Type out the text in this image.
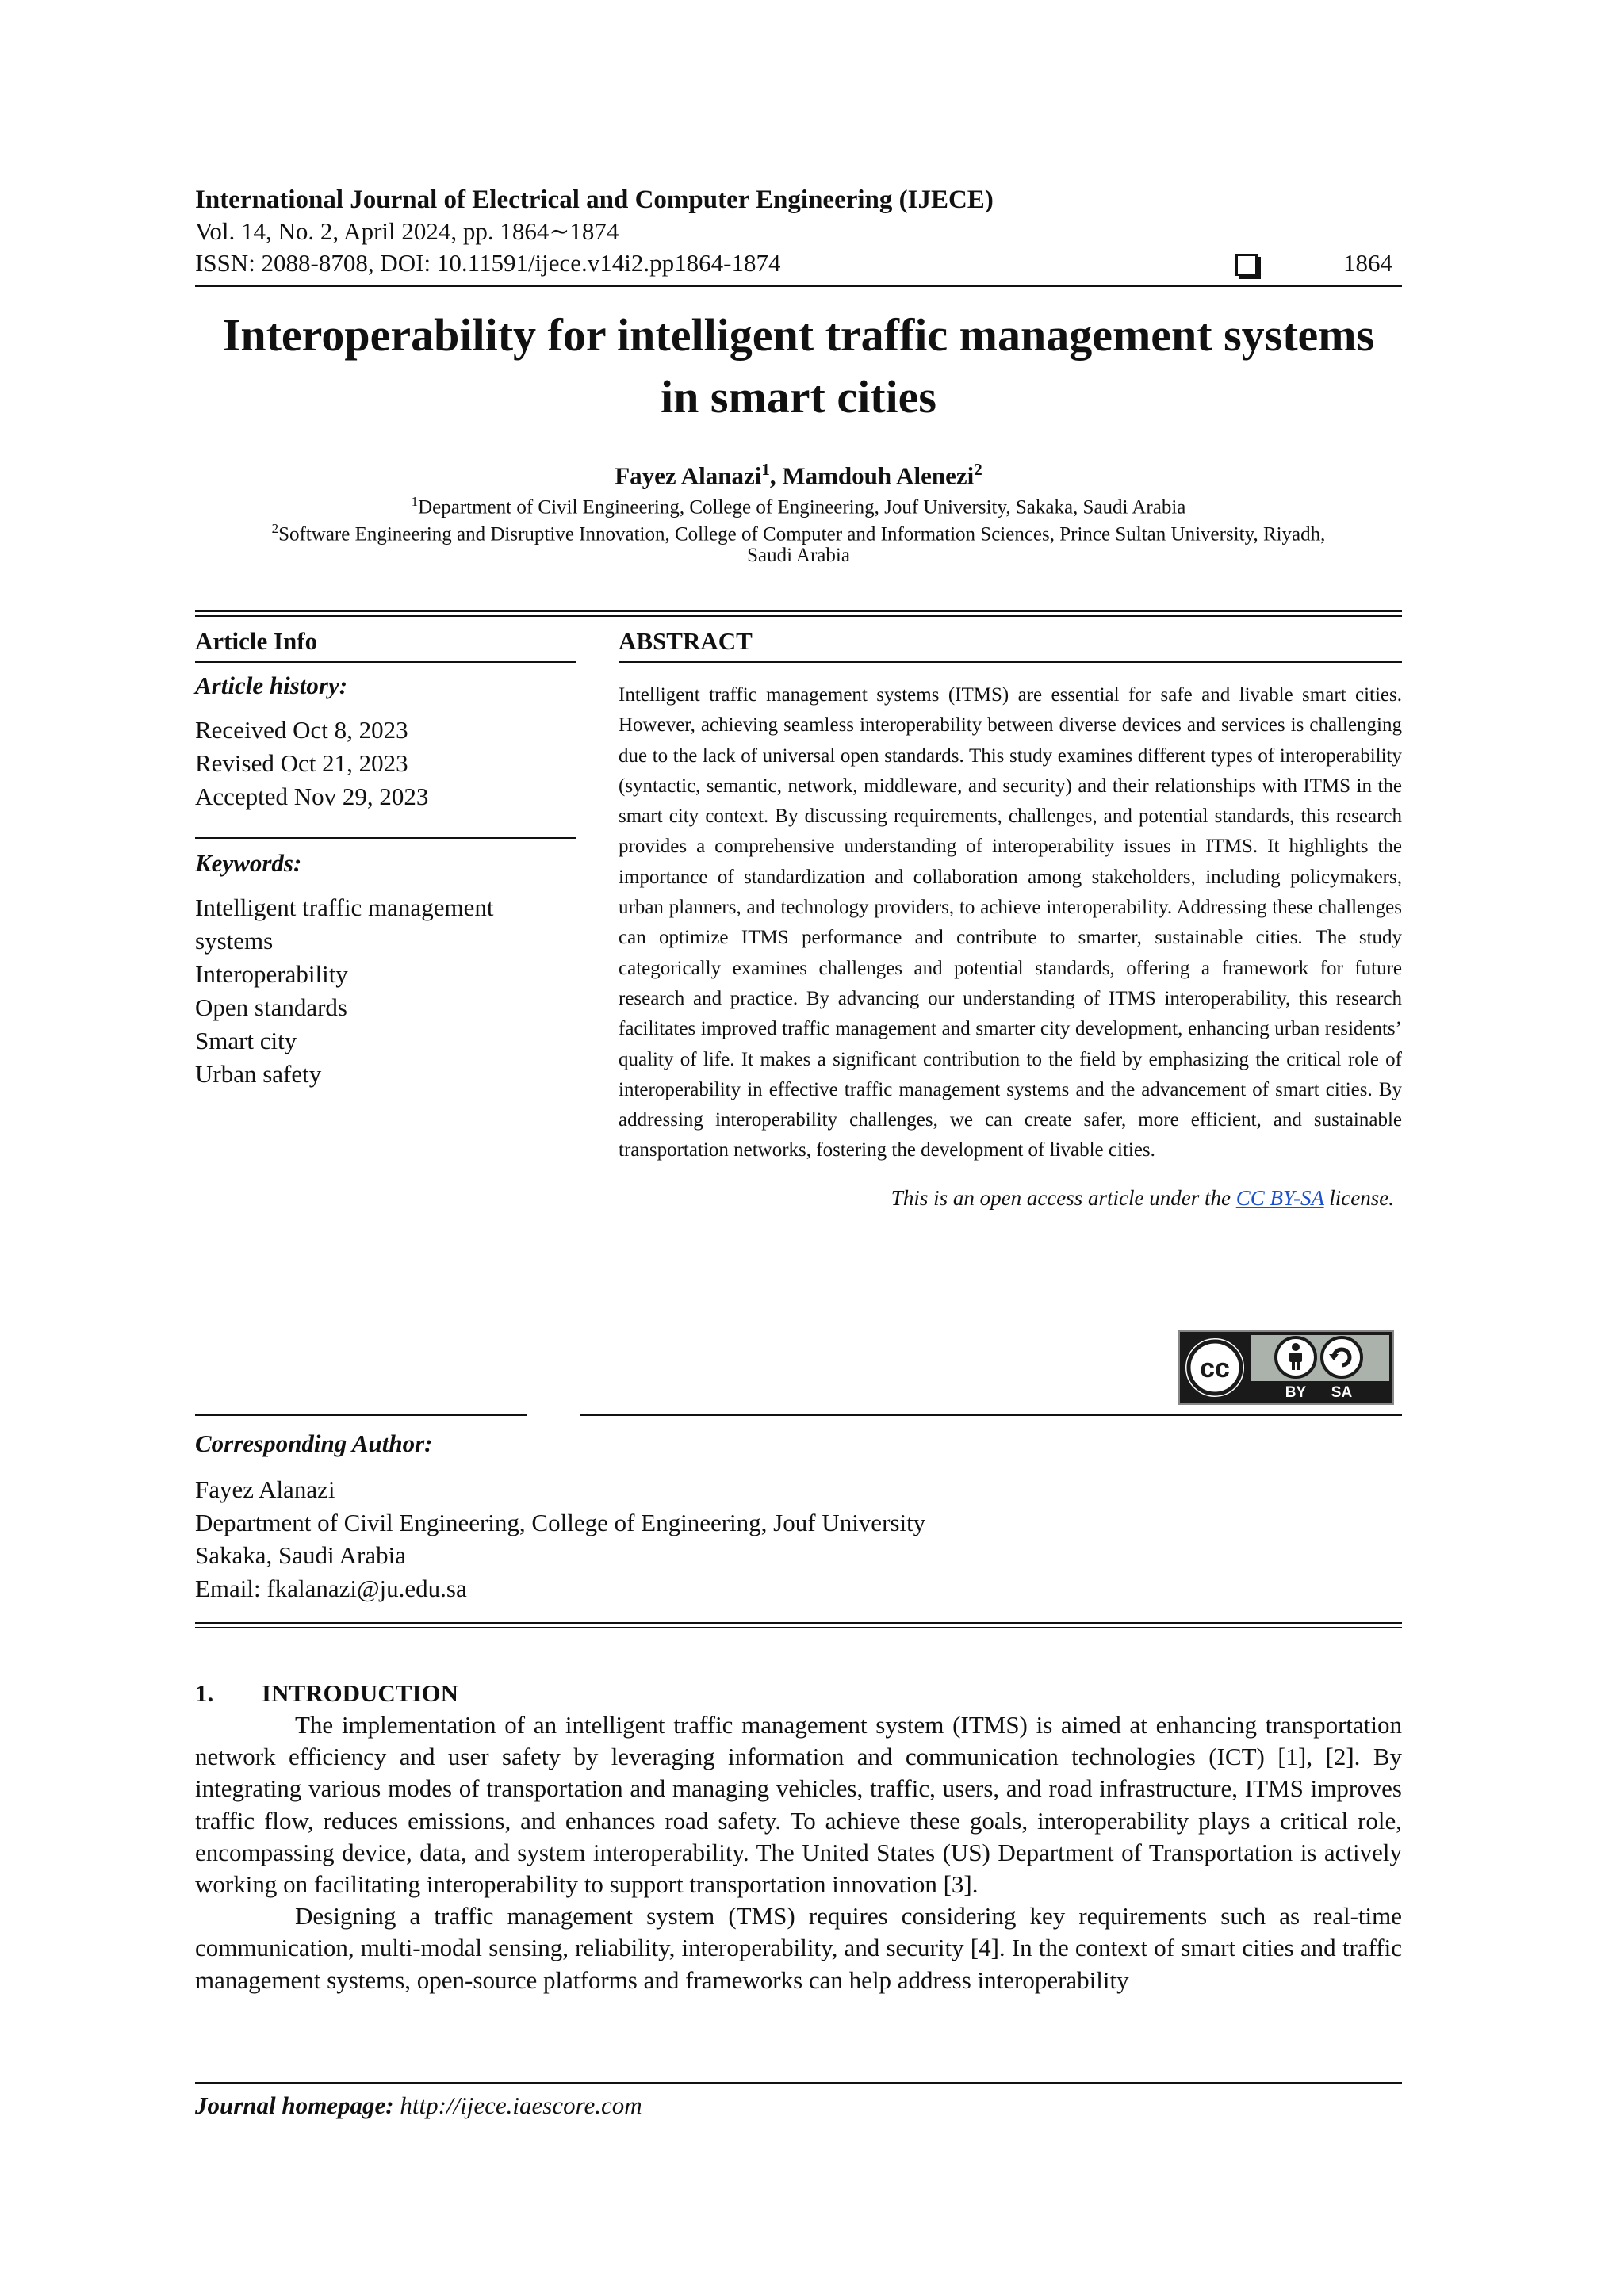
International Journal of Electrical and Computer Engineering (IJECE)
Vol. 14, No. 2, April 2024, pp. 1864∼1874
ISSN: 2088-8708, DOI: 10.11591/ijece.v14i2.pp1864-1874	1864
Interoperability for intelligent traffic management systems
in smart cities
Fayez Alanazi$^1$, Mamdouh Alenezi$^2$
$^1$Department of Civil Engineering, College of Engineering, Jouf University, Sakaka, Saudi Arabia
$^2$Software Engineering and Disruptive Innovation, College of Computer and Information Sciences, Prince Sultan University, Riyadh,
Saudi Arabia
Article Info
Article history:
Received Oct 8, 2023
Revised Oct 21, 2023
Accepted Nov 29, 2023
Keywords:
Intelligent traffic management
systems
Interoperability
Open standards
Smart city
Urban safety
ABSTRACT
Intelligent traffic management systems (ITMS) are essential for safe and livable smart cities. However, achieving seamless interoperability between diverse devices and services is challenging due to the lack of universal open standards. This study examines different types of interoperability (syntactic, semantic, network, middleware, and security) and their relationships with ITMS in the smart city context. By discussing requirements, challenges, and potential standards, this research provides a comprehensive understanding of interoperability issues in ITMS. It highlights the importance of standardization and collaboration among stakeholders, including policymakers, urban planners, and technology providers, to achieve interoperability. Addressing these challenges can optimize ITMS performance and contribute to smarter, sustainable cities. The study categorically examines challenges and potential standards, offering a framework for future research and practice. By advancing our understanding of ITMS interoperability, this research facilitates improved traffic management and smarter city development, enhancing urban residents’ quality of life. It makes a significant contribution to the field by emphasizing the critical role of interoperability in effective traffic management systems and the advancement of smart cities. By addressing interoperability challenges, we can create safer, more efficient, and sustainable transportation networks, fostering the development of livable cities.
This is an open access article under the CC BY-SA license.
cc
BY SA
Corresponding Author:
Fayez Alanazi
Department of Civil Engineering, College of Engineering, Jouf University
Sakaka, Saudi Arabia
Email: fkalanazi@ju.edu.sa
1. INTRODUCTION

The implementation of an intelligent traffic management system (ITMS) is aimed at enhancing transportation network efficiency and user safety by leveraging information and communication technologies (ICT) [1], [2]. By integrating various modes of transportation and managing vehicles, traffic, users, and road infrastructure, ITMS improves traffic flow, reduces emissions, and enhances road safety. To achieve these goals, interoperability plays a critical role, encompassing device, data, and system interoperability. The United States (US) Department of Transportation is actively working on facilitating interoperability to support transportation innovation [3].

Designing a traffic management system (TMS) requires considering key requirements such as real-time communication, multi-modal sensing, reliability, interoperability, and security [4]. In the context of smart cities and traffic management systems, open-source platforms and frameworks can help address interoperability

Journal homepage: http://ijece.iaescore.com
